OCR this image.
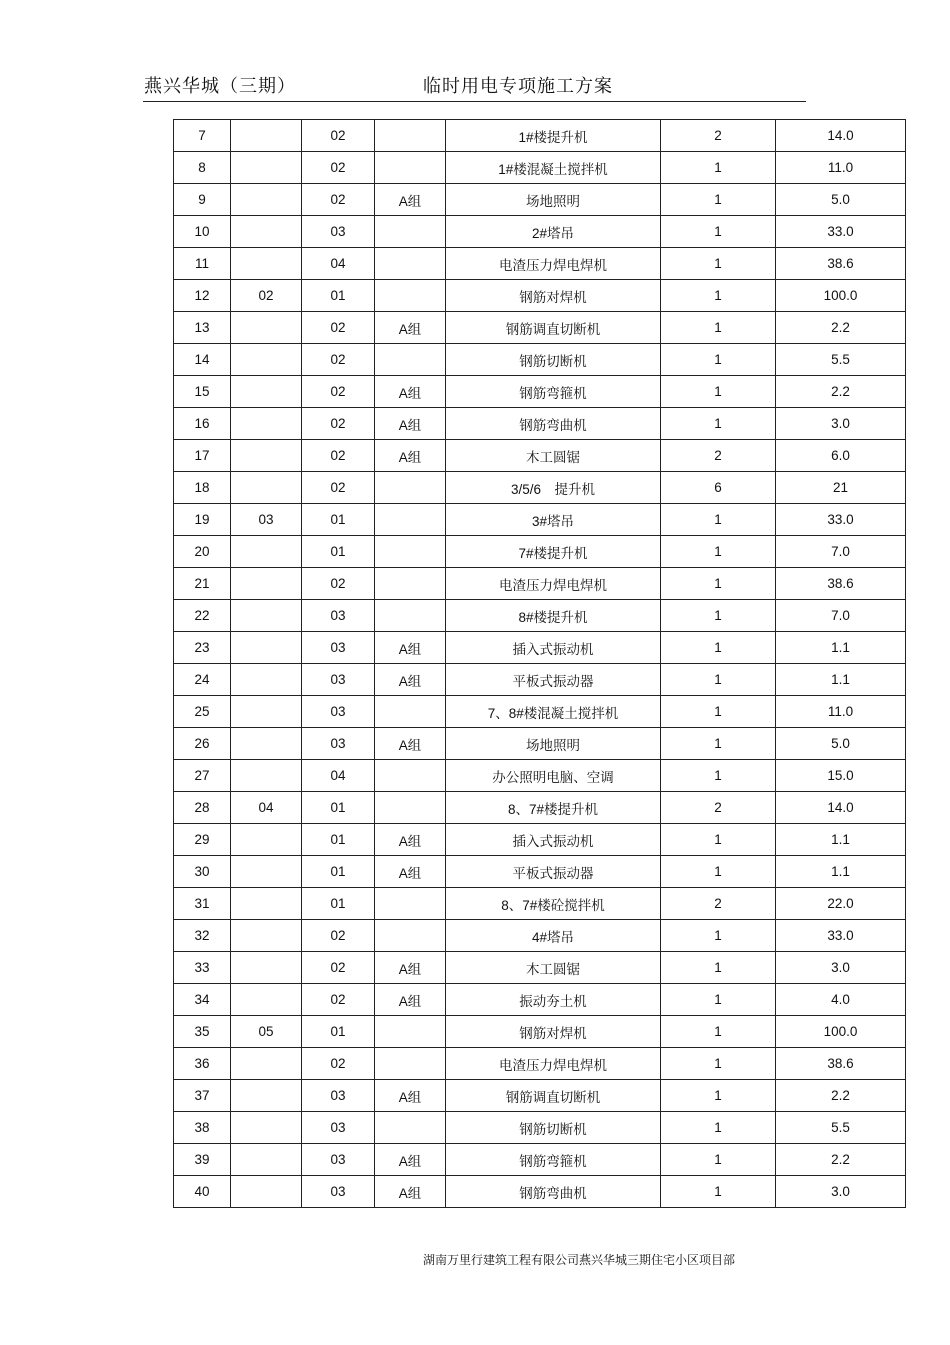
燕兴华城（三期）	临时用电专项施工方案
7		02		1#楼提升机	2	14.0
8		02		1#楼混凝土搅拌机	1	11.0
9		02	A组	场地照明	1	5.0
10		03		2#塔吊	1	33.0
11		04		电渣压力焊电焊机	1	38.6
12	02	01		钢筋对焊机	1	100.0
13		02	A组	钢筋调直切断机	1	2.2
14		02		钢筋切断机	1	5.5
15		02	A组	钢筋弯箍机	1	2.2
16		02	A组	钢筋弯曲机	1	3.0
17		02	A组	木工圆锯	2	6.0
18		02		3/5/6　提升机	6	21
19	03	01		3#塔吊	1	33.0
20		01		7#楼提升机	1	7.0
21		02		电渣压力焊电焊机	1	38.6
22		03		8#楼提升机	1	7.0
23		03	A组	插入式振动机	1	1.1
24		03	A组	平板式振动器	1	1.1
25		03		7、8#楼混凝土搅拌机	1	11.0
26		03	A组	场地照明	1	5.0
27		04		办公照明电脑、空调	1	15.0
28	04	01		8、7#楼提升机	2	14.0
29		01	A组	插入式振动机	1	1.1
30		01	A组	平板式振动器	1	1.1
31		01		8、7#楼砼搅拌机	2	22.0
32		02		4#塔吊	1	33.0
33		02	A组	木工圆锯	1	3.0
34		02	A组	振动夯土机	1	4.0
35	05	01		钢筋对焊机	1	100.0
36		02		电渣压力焊电焊机	1	38.6
37		03	A组	钢筋调直切断机	1	2.2
38		03		钢筋切断机	1	5.5
39		03	A组	钢筋弯箍机	1	2.2
40		03	A组	钢筋弯曲机	1	3.0
湖南万里行建筑工程有限公司燕兴华城三期住宅小区项目部
